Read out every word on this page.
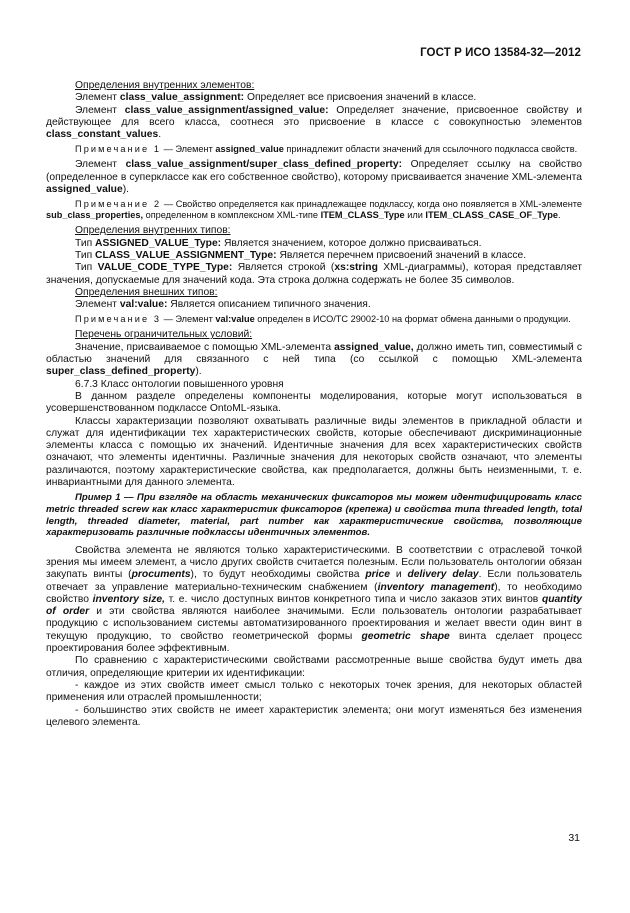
ГОСТ Р ИСО 13584-32—2012

Определения внутренних элементов:

Элемент class_value_assignment: Определяет все присвоения значений в классе.

Элемент class_value_assignment/assigned_value: Определяет значение, присвоенное свойству и действующее для всего класса, соотнеся это присвоение в классе с совокупностью элементов class_constant_values.

Примечание 1 — Элемент assigned_value принадлежит области значений для ссылочного подкласса свойств.

Элемент class_value_assignment/super_class_defined_property: Определяет ссылку на свойство (определенное в суперклассе как его собственное свойство), которому присваивается значение XML-элемента assigned_value).

Примечание 2 — Свойство определяется как принадлежащее подклассу, когда оно появляется в XML-элементе sub_class_properties, определенном в комплексном XML-типе ITEM_CLASS_Type или ITEM_CLASS_CASE_OF_Type.

Определения внутренних типов:

Тип ASSIGNED_VALUE_Type: Является значением, которое должно присваиваться.

Тип CLASS_VALUE_ASSIGNMENT_Type: Является перечнем присвоений значений в классе.

Тип VALUE_CODE_TYPE_Type: Является строкой (xs:string XML-диаграммы), которая представляет значения, допускаемые для значений кода. Эта строка должна содержать не более 35 символов.

Определения внешних типов:

Элемент val:value: Является описанием типичного значения.

Примечание 3 — Элемент val:value определен в ИСО/ТС 29002-10 на формат обмена данными о продукции.

Перечень ограничительных условий:

Значение, присваиваемое с помощью XML-элемента assigned_value, должно иметь тип, совместимый с областью значений для связанного с ней типа (со ссылкой с помощью XML-элемента super_class_defined_property).

6.7.3 Класс онтологии повышенного уровня

В данном разделе определены компоненты моделирования, которые могут использоваться в усовершенствованном подклассе OntoML-языка.

Классы характеризации позволяют охватывать различные виды элементов в прикладной области и служат для идентификации тех характеристических свойств, которые обеспечивают дискриминационные элементы класса с помощью их значений. Идентичные значения для всех характеристических свойств означают, что элементы идентичны. Различные значения для некоторых свойств означают, что элементы различаются, поэтому характеристические свойства, как предполагается, должны быть неизменными, т. е. инвариантными для данного элемента.

Пример 1 — При взгляде на область механических фиксаторов мы можем идентифицировать класс metric threaded screw как класс характеристик фиксаторов (крепежа) и свойства типа threaded length, total length, threaded diameter, material, part number как характеристические свойства, позволяющие характеризовать различные подклассы идентичных элементов.

Свойства элемента не являются только характеристическими. В соответствии с отраслевой точкой зрения мы имеем элемент, а число других свойств считается полезным. Если пользователь онтологии обязан закупать винты (procuments), то будут необходимы свойства price и delivery delay. Если пользователь отвечает за управление материально-техническим снабжением (inventory management), то необходимо свойство inventory size, т. е. число доступных винтов конкретного типа и число заказов этих винтов quantity of order и эти свойства являются наиболее значимыми. Если пользователь онтологии разрабатывает продукцию с использованием системы автоматизированного проектирования и желает ввести один винт в текущую продукцию, то свойство геометрической формы geometric shape винта сделает процесс проектирования более эффективным.

По сравнению с характеристическими свойствами рассмотренные выше свойства будут иметь два отличия, определяющие критерии их идентификации:

- каждое из этих свойств имеет смысл только с некоторых точек зрения, для некоторых областей применения или отраслей промышленности;

- большинство этих свойств не имеет характеристик элемента; они могут изменяться без изменения целевого элемента.

31
